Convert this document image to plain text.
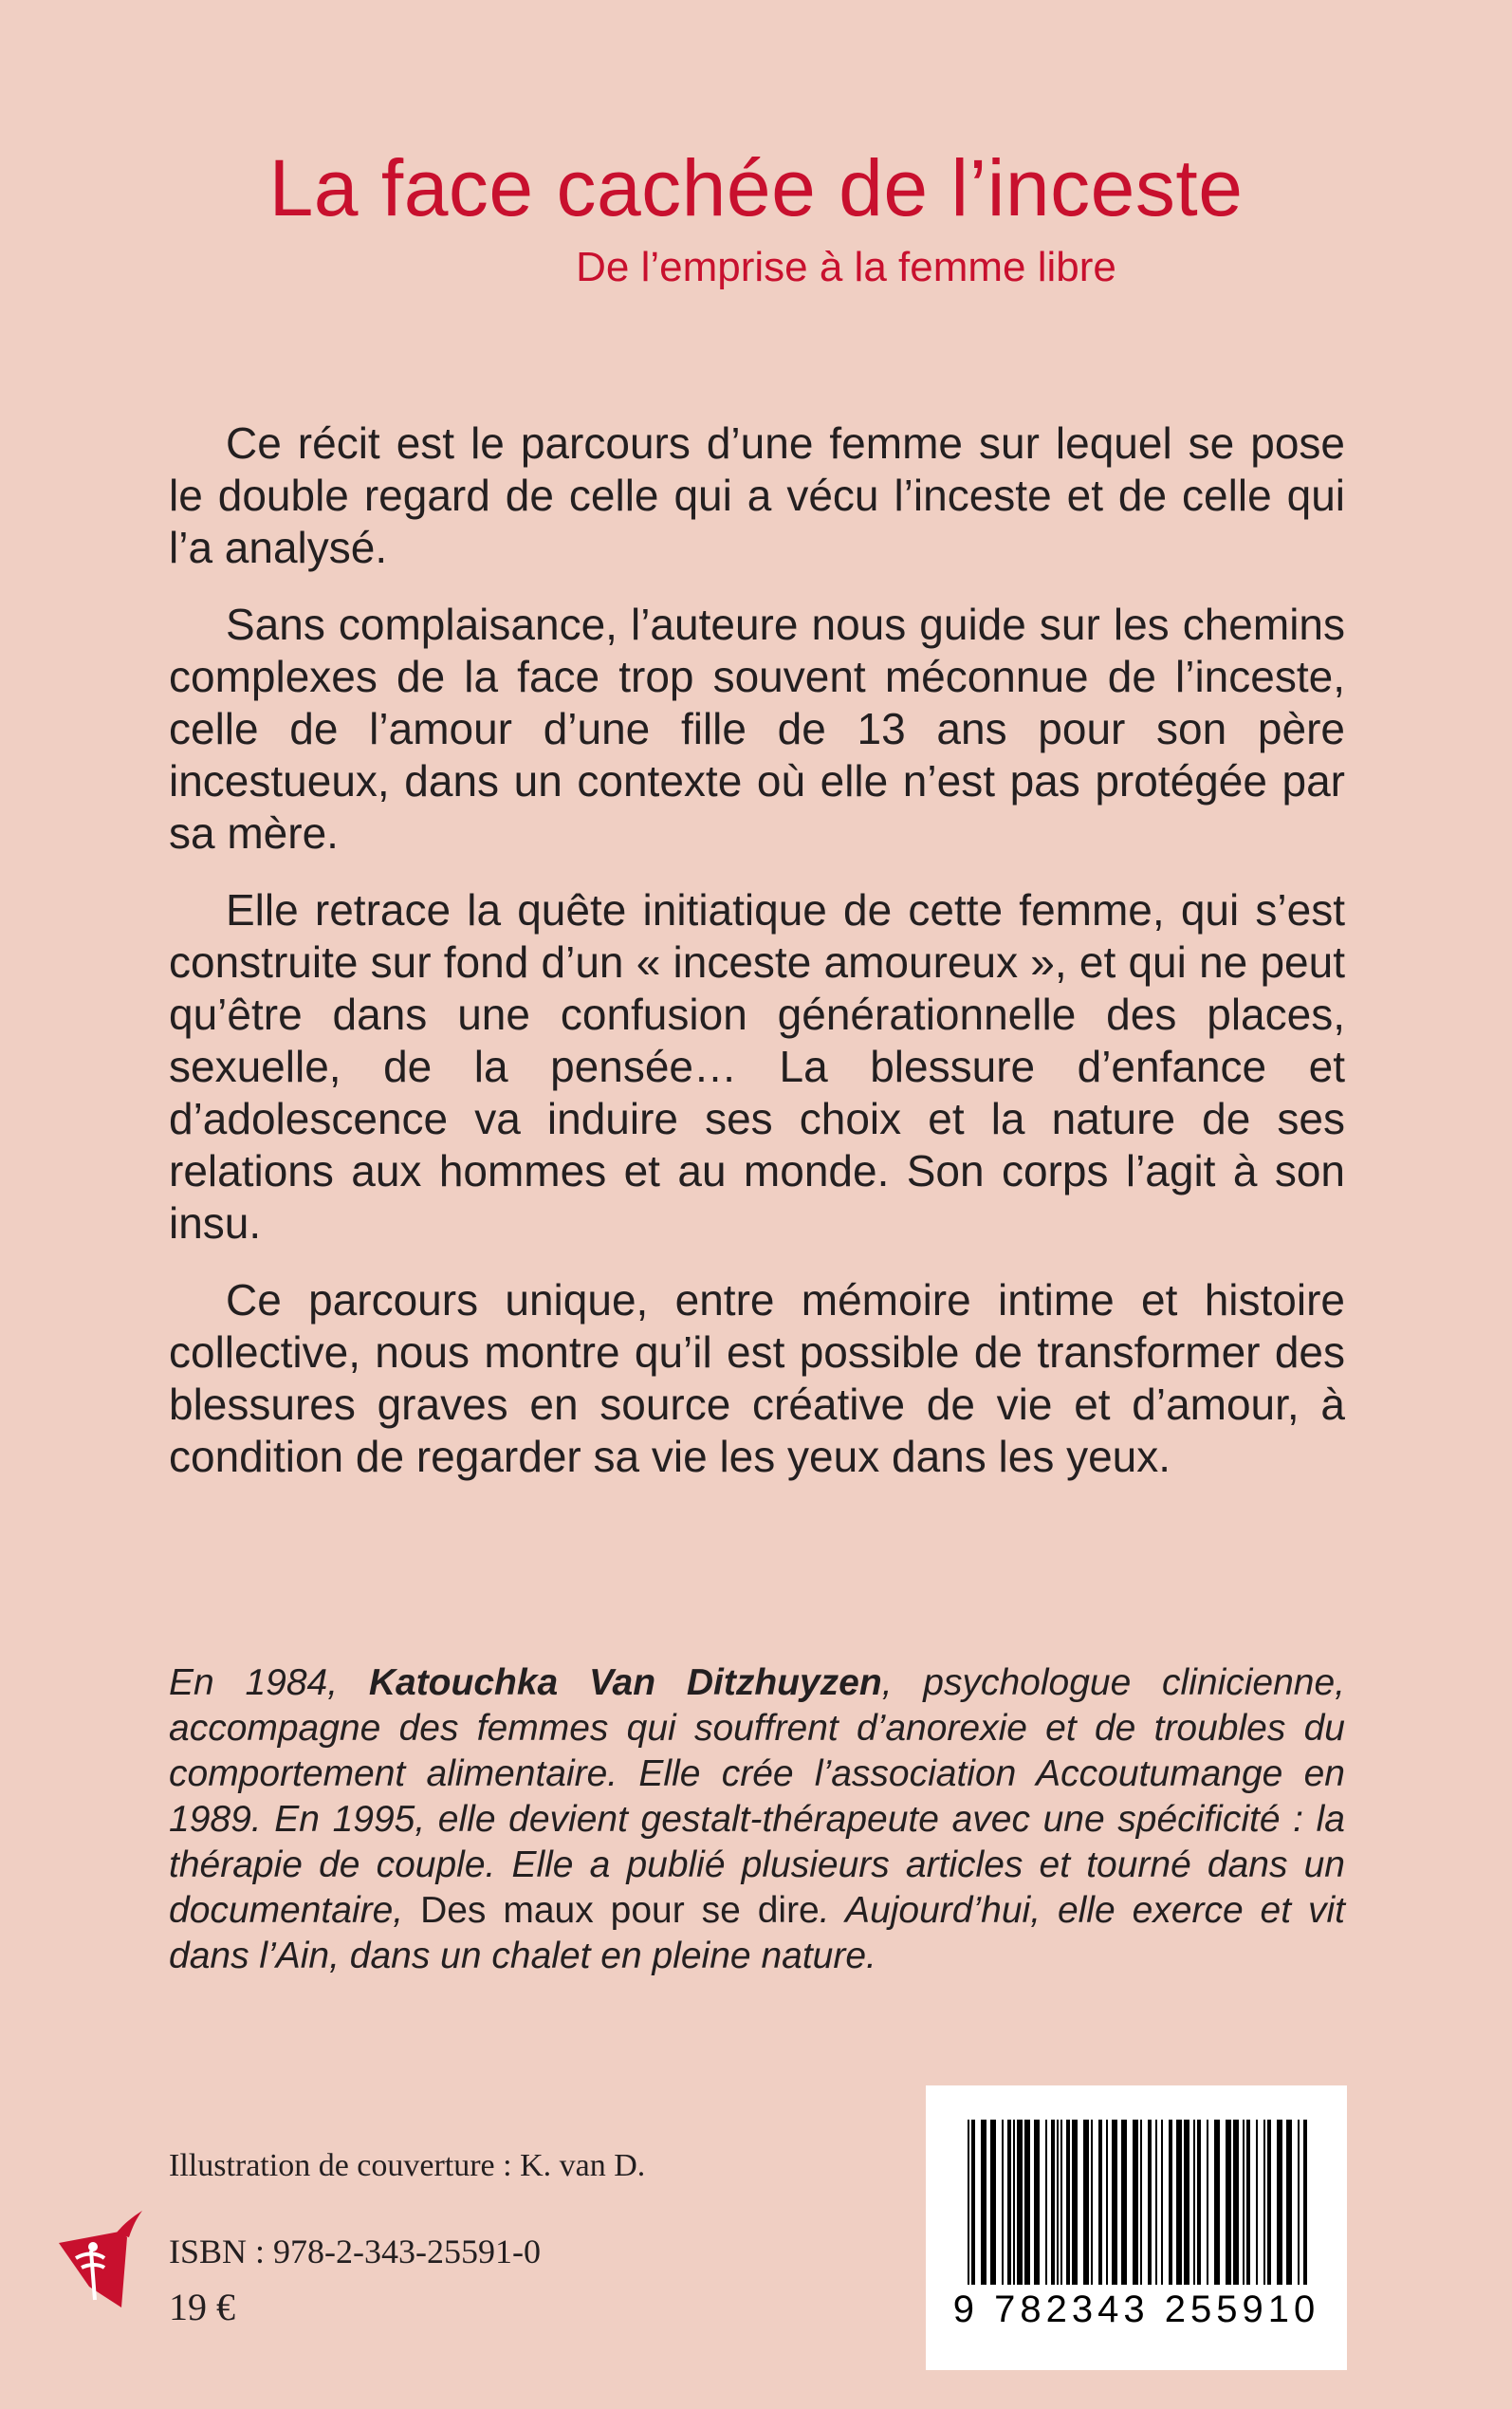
La face cachée de l’inceste
De l’emprise à la femme libre

Ce récit est le parcours d’une femme sur lequel se pose le double regard de celle qui a vécu l’inceste et de celle qui l’a analysé.

Sans complaisance, l’auteure nous guide sur les chemins complexes de la face trop souvent méconnue de l’inceste, celle de l’amour d’une fille de 13 ans pour son père incestueux, dans un contexte où elle n’est pas protégée par sa mère.

Elle retrace la quête initiatique de cette femme, qui s’est construite sur fond d’un « inceste amoureux », et qui ne peut qu’être dans une confusion générationnelle des places, sexuelle, de la pensée… La blessure d’enfance et d’adolescence va induire ses choix et la nature de ses relations aux hommes et au monde. Son corps l’agit à son insu.

Ce parcours unique, entre mémoire intime et histoire collective, nous montre qu’il est possible de transformer des blessures graves en source créative de vie et d’amour, à condition de regarder sa vie les yeux dans les yeux.

En 1984, Katouchka Van Ditzhuyzen, psychologue clinicienne, accompagne des femmes qui souffrent d’anorexie et de troubles du comportement alimentaire. Elle crée l’association Accoutumange en 1989. En 1995, elle devient gestalt-thérapeute avec une spécificité : la thérapie de couple. Elle a publié plusieurs articles et tourné dans un documentaire, Des maux pour se dire. Aujourd’hui, elle exerce et vit dans l’Ain, dans un chalet en pleine nature.

Illustration de couverture : K. van D.
ISBN : 978-2-343-25591-0
19 €	9 782343 255910
